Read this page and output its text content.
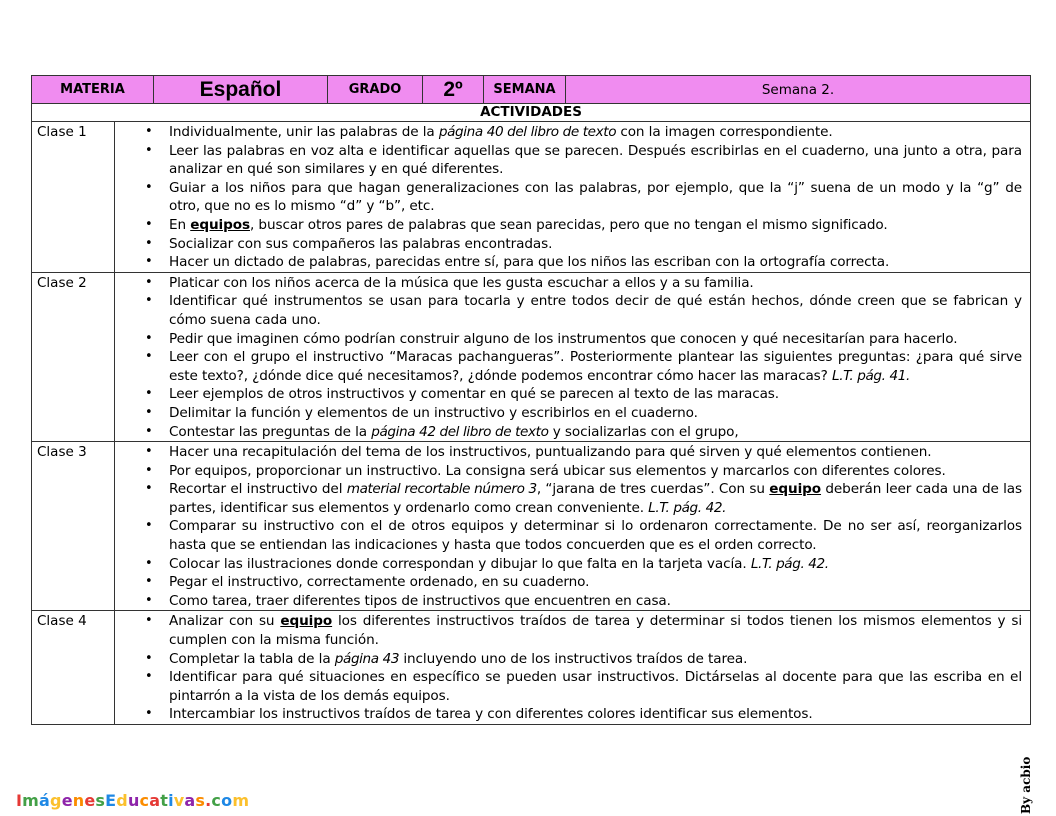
MATERIA	Español	GRADO 2º SEMANA	Semana 2.
ACTIVIDADES
Clase 1	• Individualmente, unir las palabras de la página 40 del libro de texto con la imagen correspondiente.
• Leer las palabras en voz alta e identificar aquellas que se parecen. Después escribirlas en el cuaderno, una junto a otra, para analizar en qué son similares y en qué diferentes.
• Guiar a los niños para que hagan generalizaciones con las palabras, por ejemplo, que la “j” suena de un modo y la “g” de otro, que no es lo mismo “d” y “b”, etc.
• En equipos, buscar otros pares de palabras que sean parecidas, pero que no tengan el mismo significado.
• Socializar con sus compañeros las palabras encontradas.
• Hacer un dictado de palabras, parecidas entre sí, para que los niños las escriban con la ortografía correcta.
Clase 2	• Platicar con los niños acerca de la música que les gusta escuchar a ellos y a su familia.
• Identificar qué instrumentos se usan para tocarla y entre todos decir de qué están hechos, dónde creen que se fabrican y cómo suena cada uno.
• Pedir que imaginen cómo podrían construir alguno de los instrumentos que conocen y qué necesitarían para hacerlo.
• Leer con el grupo el instructivo “Maracas pachangueras”. Posteriormente plantear las siguientes preguntas: ¿para qué sirve este texto?, ¿dónde dice qué necesitamos?, ¿dónde podemos encontrar cómo hacer las maracas? L.T. pág. 41.
• Leer ejemplos de otros instructivos y comentar en qué se parecen al texto de las maracas.
• Delimitar la función y elementos de un instructivo y escribirlos en el cuaderno.
• Contestar las preguntas de la página 42 del libro de texto y socializarlas con el grupo,
Clase 3	• Hacer una recapitulación del tema de los instructivos, puntualizando para qué sirven y qué elementos contienen.
• Por equipos, proporcionar un instructivo. La consigna será ubicar sus elementos y marcarlos con diferentes colores.
• Recortar el instructivo del material recortable número 3, “jarana de tres cuerdas”. Con su equipo deberán leer cada una de las partes, identificar sus elementos y ordenarlo como crean conveniente. L.T. pág. 42.
• Comparar su instructivo con el de otros equipos y determinar si lo ordenaron correctamente. De no ser así, reorganizarlos hasta que se entiendan las indicaciones y hasta que todos concuerden que es el orden correcto.
• Colocar las ilustraciones donde correspondan y dibujar lo que falta en la tarjeta vacía. L.T. pág. 42.
• Pegar el instructivo, correctamente ordenado, en su cuaderno.
• Como tarea, traer diferentes tipos de instructivos que encuentren en casa.
Clase 4	• Analizar con su equipo los diferentes instructivos traídos de tarea y determinar si todos tienen los mismos elementos y si cumplen con la misma función.
• Completar la tabla de la página 43 incluyendo uno de los instructivos traídos de tarea.
• Identificar para qué situaciones en específico se pueden usar instructivos. Dictárselas al docente para que las escriba en el pintarrón a la vista de los demás equipos.
• Intercambiar los instructivos traídos de tarea y con diferentes colores identificar sus elementos.
ImágenesEducativas.com	By acbio
